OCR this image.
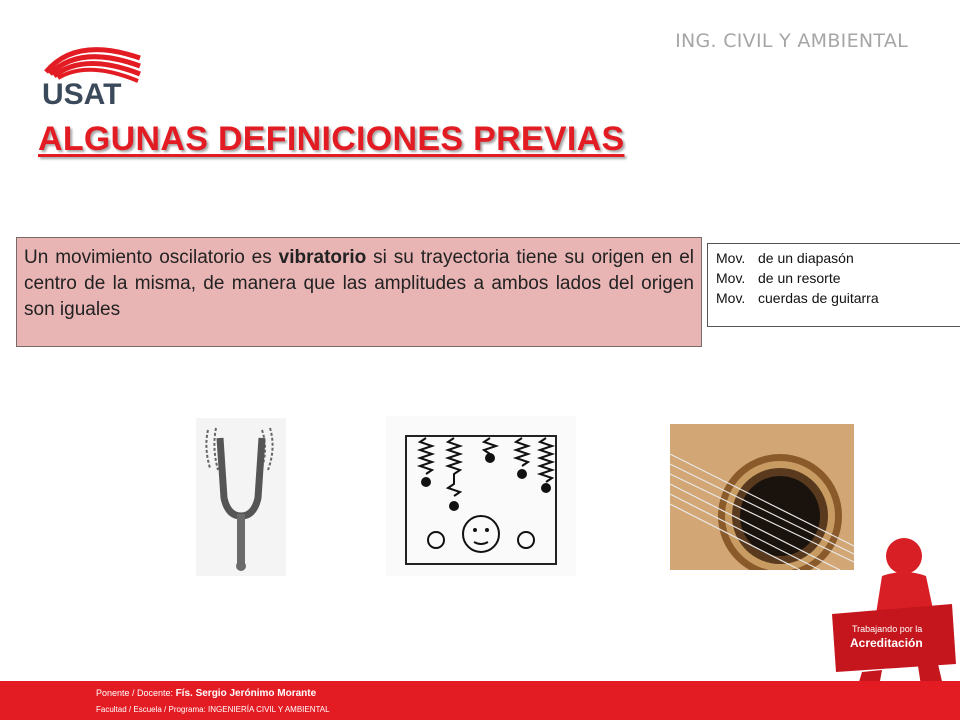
ING. CIVIL Y AMBIENTAL
USAT
ALGUNAS DEFINICIONES PREVIAS
Un movimiento oscilatorio es vibratorio si su trayectoria tiene su origen en el centro de la misma, de manera que las amplitudes a ambos lados del origen son iguales
Mov. de un diapasón
Mov. de un resorte
Mov. cuerdas de guitarra
Trabajando por la
Acreditación
Ponente / Docente: Fís. Sergio Jerónimo Morante
Facultad / Escuela / Programa: INGENIERÍA CIVIL Y AMBIENTAL
